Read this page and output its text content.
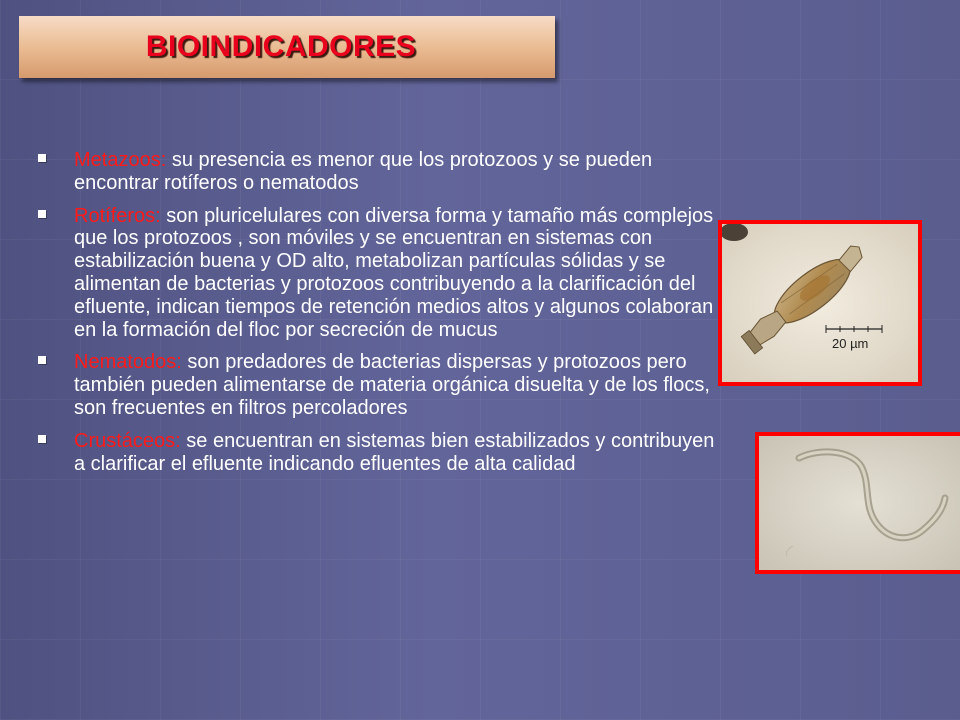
BIOINDICADORES
Metazoos: su presencia es menor que los protozoos y se pueden encontrar rotíferos o nematodos
Rotíferos: son pluricelulares con diversa forma y tamaño más complejos que los protozoos , son móviles y se encuentran en sistemas con estabilización buena y OD alto, metabolizan partículas sólidas y se alimentan de bacterias y protozoos contribuyendo a la clarificación del efluente, indican tiempos de retención medios altos y algunos colaboran en la formación del floc por secreción de mucus
Nematodos: son predadores de bacterias dispersas y protozoos pero también pueden alimentarse de materia orgánica disuelta y de los flocs, son frecuentes en filtros percoladores
Crustáceos: se encuentran en sistemas bien estabilizados y contribuyen a clarificar el efluente indicando efluentes de alta calidad
20 µm
